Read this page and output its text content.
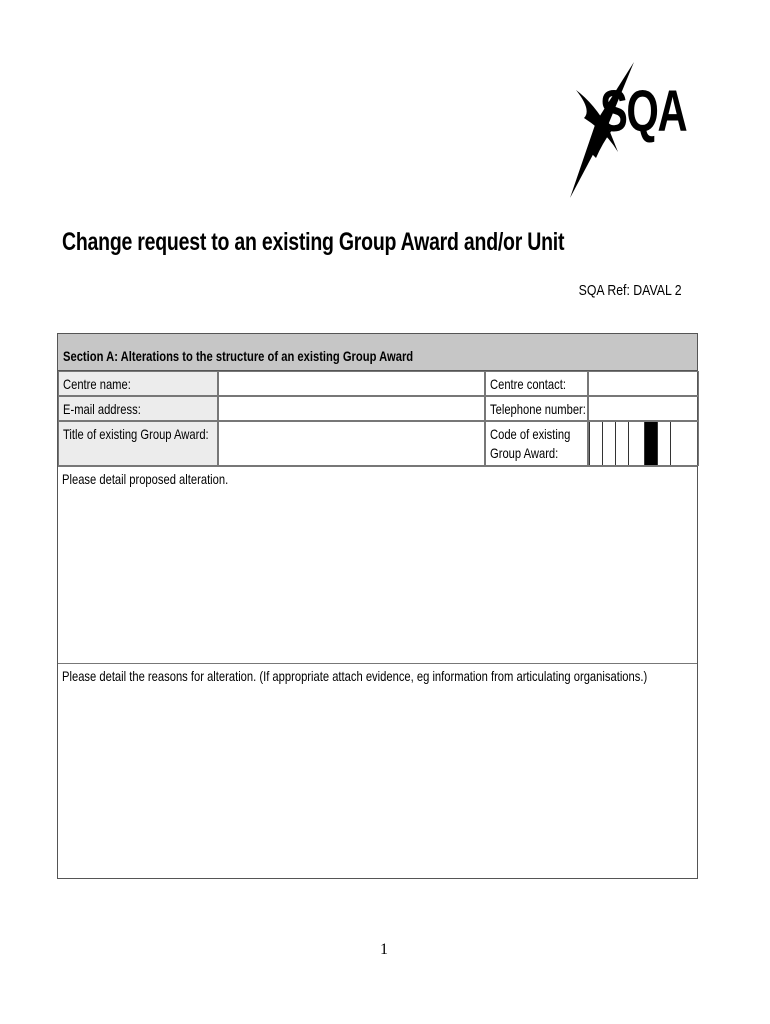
SQA
Change request to an existing Group Award and/or Unit
SQA Ref: DAVAL 2
Section A: Alterations to the structure of an existing Group Award
Centre name:	Centre contact:
E-mail address:	Telephone number:
Title of existing Group Award:	Code of existing
Group Award:
Please detail proposed alteration.
Please detail the reasons for alteration. (If appropriate attach evidence, eg information from articulating organisations.)
1
